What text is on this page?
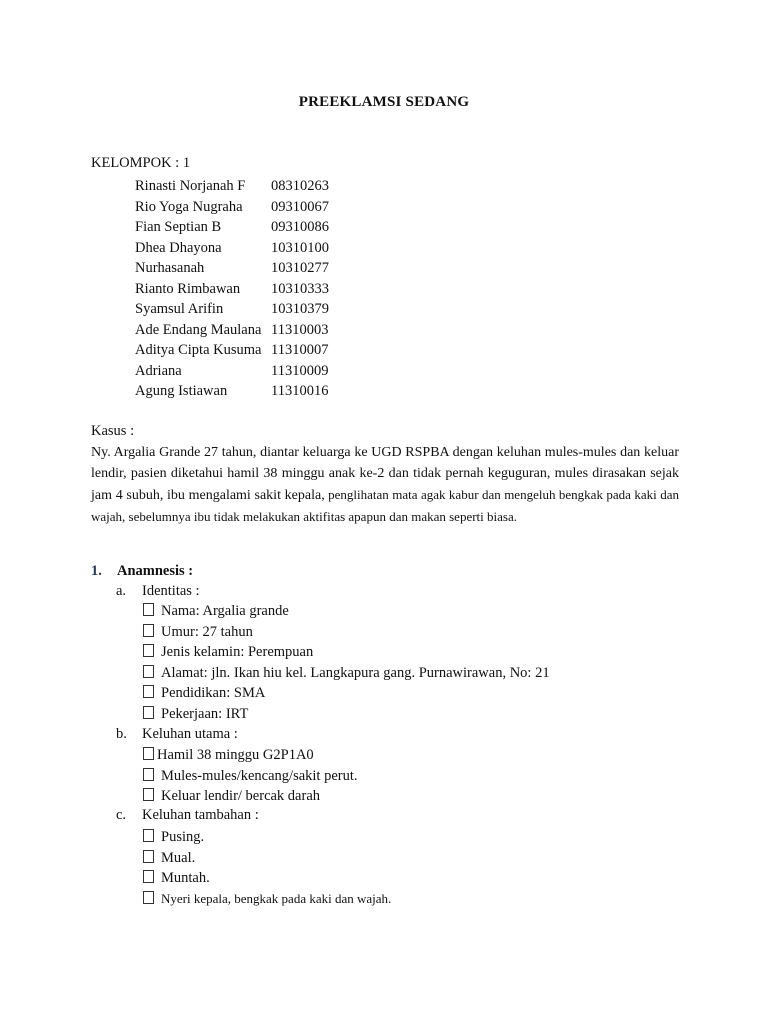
PREEKLAMSI SEDANG
KELOMPOK : 1
Rinasti Norjanah F 08310263
Rio Yoga Nugraha 09310067
Fian Septian B	09310086
Dhea Dhayona	10310100
Nurhasanah	10310277
Rianto Rimbawan 10310333
Syamsul Arifin	10310379
Ade Endang Maulana 11310003
Aditya Cipta Kusuma 11310007
Adriana	11310009
Agung Istiawan	11310016
Kasus :
Ny. Argalia Grande 27 tahun, diantar keluarga ke UGD RSPBA dengan keluhan mules-mules dan keluar lendir, pasien diketahui hamil 38 minggu anak ke-2 dan tidak pernah keguguran, mules dirasakan sejak jam 4 subuh, ibu mengalami sakit kepala, penglihatan mata agak kabur dan mengeluh bengkak pada kaki dan wajah, sebelumnya ibu tidak melakukan aktifitas apapun dan makan seperti biasa.
1. Anamnesis :
a. Identitas :
Nama: Argalia grande
Umur: 27 tahun
Jenis kelamin: Perempuan
Alamat: jln. Ikan hiu kel. Langkapura gang. Purnawirawan, No: 21
Pendidikan: SMA
Pekerjaan: IRT
b. Keluhan utama :
Hamil 38 minggu G2P1A0
Mules-mules/kencang/sakit perut.
Keluar lendir/ bercak darah
c. Keluhan tambahan :
Pusing.
Mual.
Muntah.
Nyeri kepala, bengkak pada kaki dan wajah.
